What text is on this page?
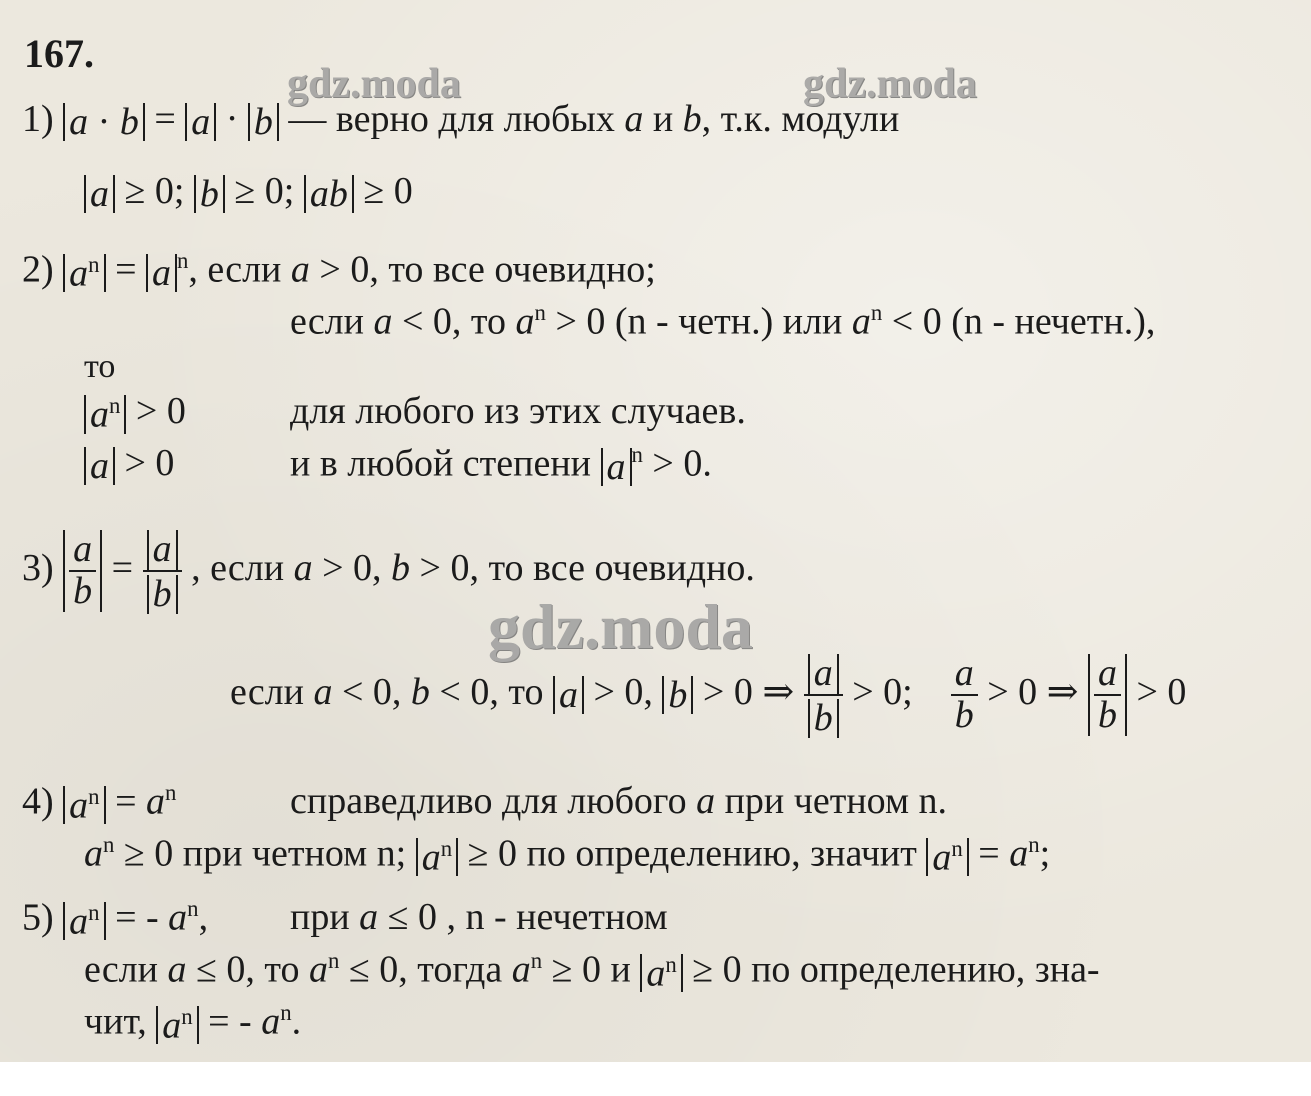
167.
gdz.moda	gdz.moda
gdz.moda
1) a · b = a · b — верно для любых a и b, т.к. модули
a ≥ 0; b ≥ 0; ab ≥ 0
2) $a^n = a$ $^n$, если a > 0, то все очевидно;
если a < 0, то $a^n > 0$ (n - четн.) или $a^n < 0$ (n - нечетн.),
то
$a^n > 0$	для любого из этих случаев.
a > 0	и в любой степени a $^n$ > 0.
$3) \frac{a}{b} = \frac{a}{b}$ , если a > 0, b > 0, то все очевидно.
если a < 0, b < 0, то a > 0, b > 0 ⇒ $\frac{a}{b} > 0$; $\frac{a}{b} > 0$ ⇒ $\frac{a}{b} > 0$
4) $a^n = a^n$	справедливо для любого a при четном n.
$a^n \ge 0$ при четном n; $a^n \ge 0$ по определению, значит $a^n = a^n$;
5) $a^n$ = - $a^n$, при a ≤ 0 , n - нечетном
если a ≤ 0, то $a^n \le 0$, тогда $a^n \ge 0$ и $a^n \ge 0$ по определению, зна-
чит, $a^n$ = - $a^n$.
